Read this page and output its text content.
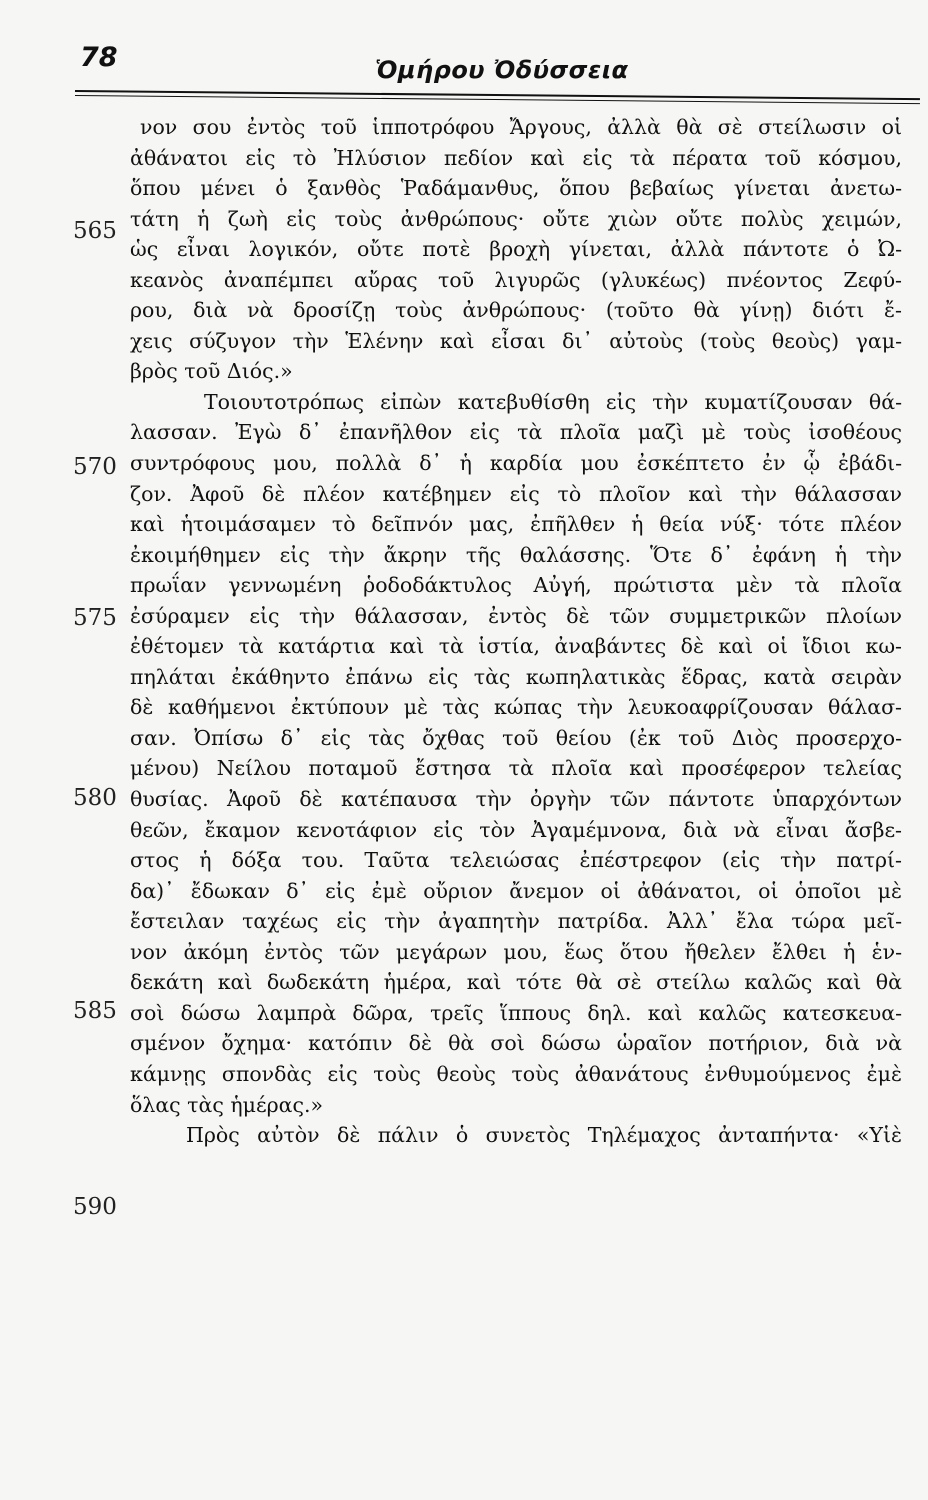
78	Ὁμήρου Ὀδύσσεια
565
570
575
580
585
590
νον σου ἐντὸς τοῦ ἱπποτρόφου Ἄργους, ἀλλὰ θὰ σὲ στείλωσιν οἱ
ἀθάνατοι εἰς τὸ Ἠλύσιον πεδίον καὶ εἰς τὰ πέρατα τοῦ κόσμου,
ὅπου μένει ὁ ξανθὸς Ῥαδάμανθυς, ὅπου βεβαίως γίνεται ἀνετω-
τάτη ἡ ζωὴ εἰς τοὺς ἀνθρώπους· οὔτε χιὼν οὔτε πολὺς χειμών,
ὡς εἶναι λογικόν, οὔτε ποτὲ βροχὴ γίνεται, ἀλλὰ πάντοτε ὁ Ὠ-
κεανὸς ἀναπέμπει αὔρας τοῦ λιγυρῶς (γλυκέως) πνέοντος Ζεφύ-
ρου, διὰ νὰ δροσίζῃ τοὺς ἀνθρώπους· (τοῦτο θὰ γίνῃ) διότι ἔ-
χεις σύζυγον τὴν Ἑλένην καὶ εἶσαι δι᾽ αὐτοὺς (τοὺς θεοὺς) γαμ-
βρὸς τοῦ Διός.»
Τοιουτοτρόπως εἰπὼν κατεβυθίσθη εἰς τὴν κυματίζουσαν θά-
λασσαν. Ἐγὼ δ᾽ ἐπανῆλθον εἰς τὰ πλοῖα μαζὶ μὲ τοὺς ἰσοθέους
συντρόφους μου, πολλὰ δ᾽ ἡ καρδία μου ἐσκέπτετο ἐν ᾧ ἐβάδι-
ζον. Ἀφοῦ δὲ πλέον κατέβημεν εἰς τὸ πλοῖον καὶ τὴν θάλασσαν
καὶ ἡτοιμάσαμεν τὸ δεῖπνόν μας, ἐπῆλθεν ἡ θεία νύξ· τότε πλέον
ἐκοιμήθημεν εἰς τὴν ἄκρην τῆς θαλάσσης. Ὅτε δ᾽ ἐφάνη ἡ τὴν
πρωΐαν γεννωμένη ῥοδοδάκτυλος Αὐγή, πρώτιστα μὲν τὰ πλοῖα
ἐσύραμεν εἰς τὴν θάλασσαν, ἐντὸς δὲ τῶν συμμετρικῶν πλοίων
ἐθέτομεν τὰ κατάρτια καὶ τὰ ἱστία, ἀναβάντες δὲ καὶ οἱ ἴδιοι κω-
πηλάται ἐκάθηντο ἐπάνω εἰς τὰς κωπηλατικὰς ἕδρας, κατὰ σειρὰν
δὲ καθήμενοι ἐκτύπουν μὲ τὰς κώπας τὴν λευκοαφρίζουσαν θάλασ-
σαν. Ὀπίσω δ᾽ εἰς τὰς ὄχθας τοῦ θείου (ἐκ τοῦ Διὸς προσερχο-
μένου) Νείλου ποταμοῦ ἔστησα τὰ πλοῖα καὶ προσέφερον τελείας
θυσίας. Ἀφοῦ δὲ κατέπαυσα τὴν ὀργὴν τῶν πάντοτε ὑπαρχόντων
θεῶν, ἔκαμον κενοτάφιον εἰς τὸν Ἀγαμέμνονα, διὰ νὰ εἶναι ἄσβε-
στος ἡ δόξα του. Ταῦτα τελειώσας ἐπέστρεφον (εἰς τὴν πατρί-
δα)᾽ ἔδωκαν δ᾽ εἰς ἐμὲ οὔριον ἄνεμον οἱ ἀθάνατοι, οἱ ὁποῖοι μὲ
ἔστειλαν ταχέως εἰς τὴν ἀγαπητὴν πατρίδα. Ἀλλ᾽ ἔλα τώρα μεῖ-
νον ἀκόμη ἐντὸς τῶν μεγάρων μου, ἕως ὅτου ἤθελεν ἔλθει ἡ ἑν-
δεκάτη καὶ δωδεκάτη ἡμέρα, καὶ τότε θὰ σὲ στείλω καλῶς καὶ θὰ
σοὶ δώσω λαμπρὰ δῶρα, τρεῖς ἵππους δηλ. καὶ καλῶς κατεσκευα-
σμένον ὄχημα· κατόπιν δὲ θὰ σοὶ δώσω ὡραῖον ποτήριον, διὰ νὰ
κάμνῃς σπονδὰς εἰς τοὺς θεοὺς τοὺς ἀθανάτους ἐνθυμούμενος ἐμὲ
ὅλας τὰς ἡμέρας.»
Πρὸς αὐτὸν δὲ πάλιν ὁ συνετὸς Τηλέμαχος ἀνταπήντα· «Υἱὲ
